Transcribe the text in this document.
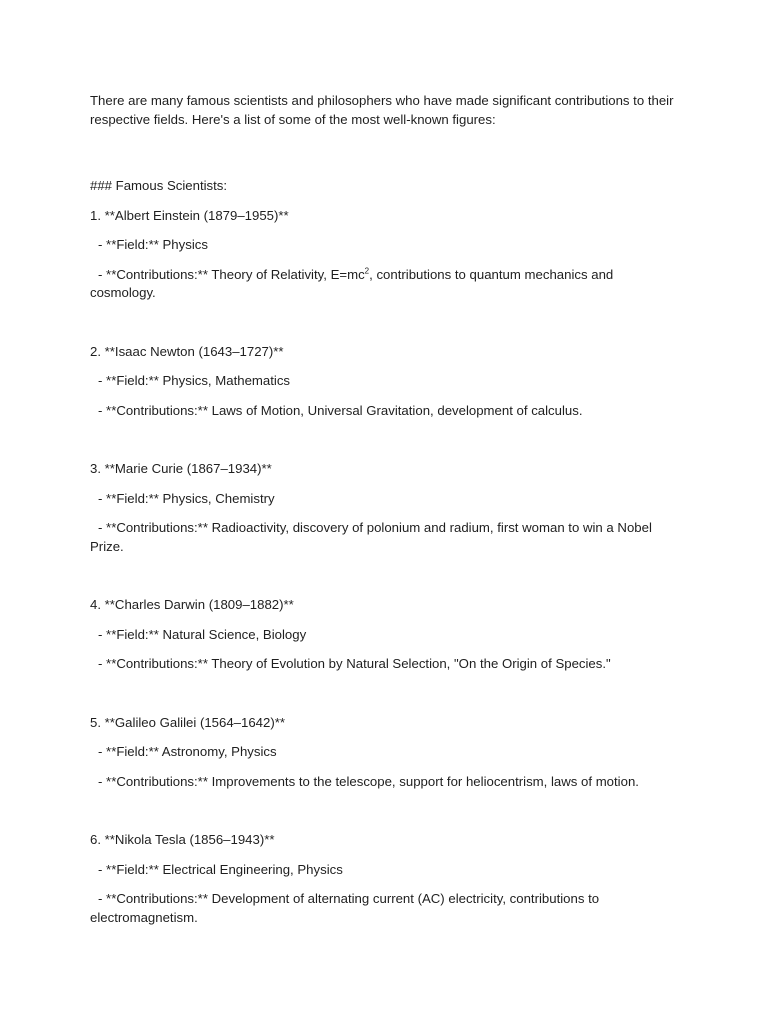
There are many famous scientists and philosophers who have made significant contributions to their respective fields. Here's a list of some of the most well-known figures:

### Famous Scientists:

1. **Albert Einstein (1879–1955)**

- **Field:** Physics

- **Contributions:** Theory of Relativity, $E=mc^2$, contributions to quantum mechanics and cosmology.

2. **Isaac Newton (1643–1727)**

- **Field:** Physics, Mathematics

- **Contributions:** Laws of Motion, Universal Gravitation, development of calculus.

3. **Marie Curie (1867–1934)**

- **Field:** Physics, Chemistry

- **Contributions:** Radioactivity, discovery of polonium and radium, first woman to win a Nobel Prize.

4. **Charles Darwin (1809–1882)**

- **Field:** Natural Science, Biology

- **Contributions:** Theory of Evolution by Natural Selection, "On the Origin of Species."

5. **Galileo Galilei (1564–1642)**

- **Field:** Astronomy, Physics

- **Contributions:** Improvements to the telescope, support for heliocentrism, laws of motion.

6. **Nikola Tesla (1856–1943)**

- **Field:** Electrical Engineering, Physics

- **Contributions:** Development of alternating current (AC) electricity, contributions to electromagnetism.
